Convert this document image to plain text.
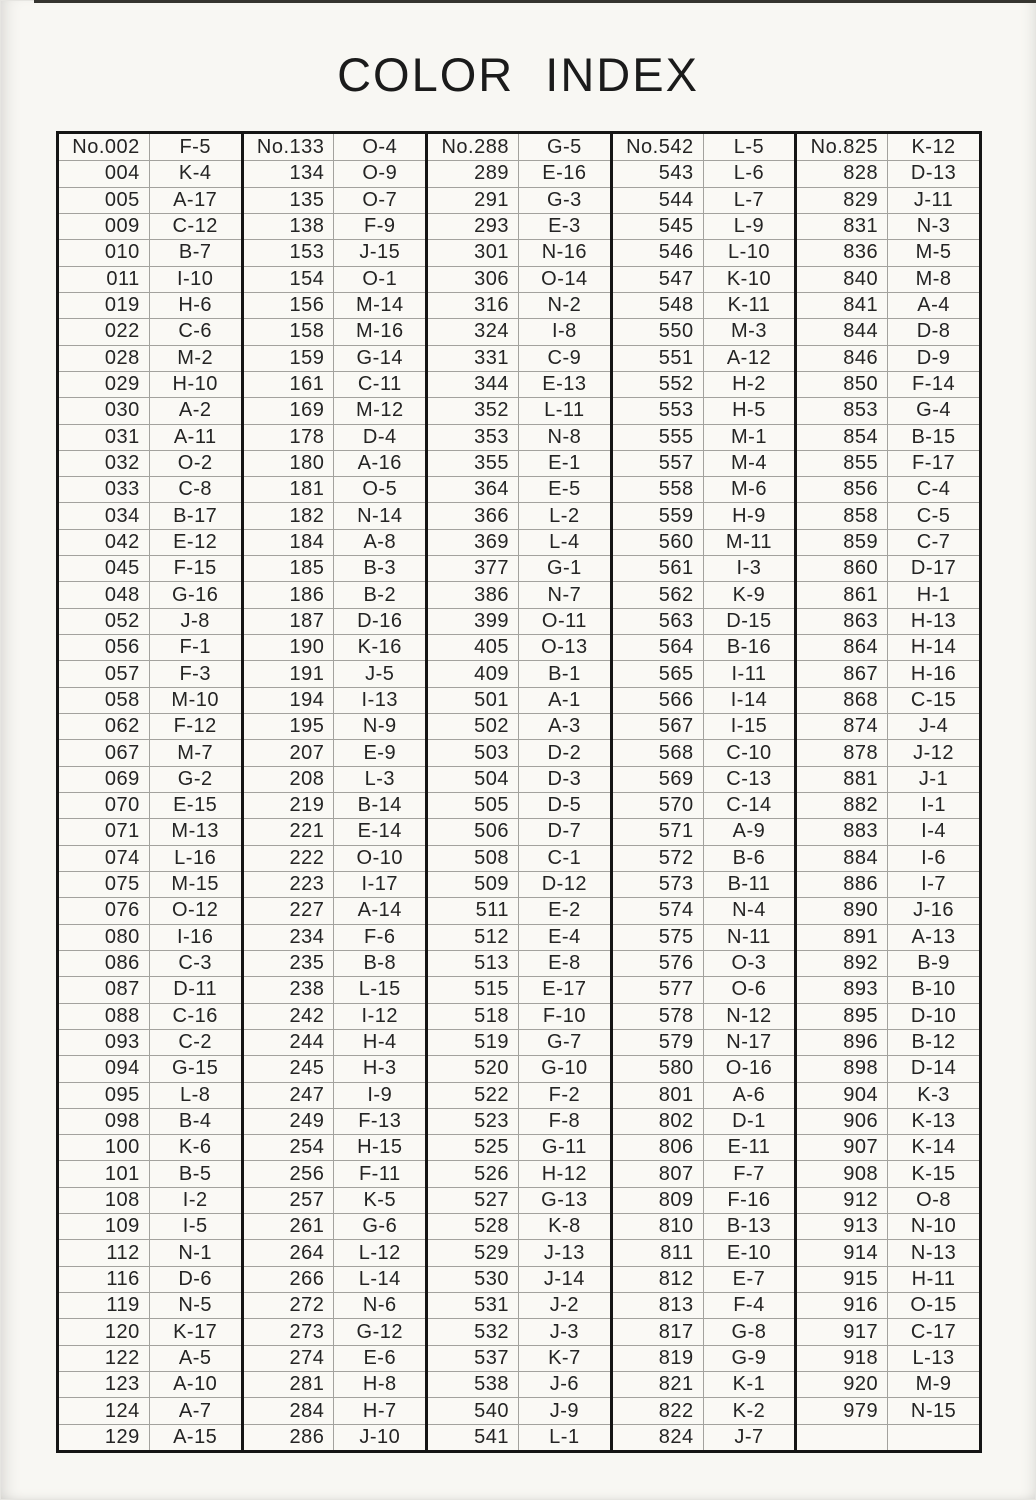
COLOR INDEX
No. 002	F-5
004	K-4
005	A-17
009	C-12
010	B-7
011	I-10
019	H-6
022	C-6
028	M-2
029	H-10
030	A-2
031	A-11
032	O-2
033	C-8
034	B-17
042	E-12
045	F-15
048	G-16
052	J-8
056	F-1
057	F-3
058	M-10
062	F-12
067	M-7
069	G-2
070	E-15
071	M-13
074	L-16
075	M-15
076	O-12
080	I-16
086	C-3
087	D-11
088	C-16
093	C-2
094	G-15
095	L-8
098	B-4
100	K-6
101	B-5
108	I-2
109	I-5
112	N-1
116	D-6
119	N-5
120	K-17
122	A-5
123	A-10
124	A-7
129	A-15
No. 133	O-4
134	O-9
135	O-7
138	F-9
153	J-15
154	O-1
156	M-14
158	M-16
159	G-14
161	C-11
169	M-12
178	D-4
180	A-16
181	O-5
182	N-14
184	A-8
185	B-3
186	B-2
187	D-16
190	K-16
191	J-5
194	I-13
195	N-9
207	E-9
208	L-3
219	B-14
221	E-14
222	O-10
223	I-17
227	A-14
234	F-6
235	B-8
238	L-15
242	I-12
244	H-4
245	H-3
247	I-9
249	F-13
254	H-15
256	F-11
257	K-5
261	G-6
264	L-12
266	L-14
272	N-6
273	G-12
274	E-6
281	H-8
284	H-7
286	J-10
No. 288	G-5
289	E-16
291	G-3
293	E-3
301	N-16
306	O-14
316	N-2
324	I-8
331	C-9
344	E-13
352	L-11
353	N-8
355	E-1
364	E-5
366	L-2
369	L-4
377	G-1
386	N-7
399	O-11
405	O-13
409	B-1
501	A-1
502	A-3
503	D-2
504	D-3
505	D-5
506	D-7
508	C-1
509	D-12
511	E-2
512	E-4
513	E-8
515	E-17
518	F-10
519	G-7
520	G-10
522	F-2
523	F-8
525	G-11
526	H-12
527	G-13
528	K-8
529	J-13
530	J-14
531	J-2
532	J-3
537	K-7
538	J-6
540	J-9
541	L-1
No. 542	L-5
543	L-6
544	L-7
545	L-9
546	L-10
547	K-10
548	K-11
550	M-3
551	A-12
552	H-2
553	H-5
555	M-1
557	M-4
558	M-6
559	H-9
560	M-11
561	I-3
562	K-9
563	D-15
564	B-16
565	I-11
566	I-14
567	I-15
568	C-10
569	C-13
570	C-14
571	A-9
572	B-6
573	B-11
574	N-4
575	N-11
576	O-3
577	O-6
578	N-12
579	N-17
580	O-16
801	A-6
802	D-1
806	E-11
807	F-7
809	F-16
810	B-13
811	E-10
812	E-7
813	F-4
817	G-8
819	G-9
821	K-1
822	K-2
824	J-7
No. 825	K-12
828	D-13
829	J-11
831	N-3
836	M-5
840	M-8
841	A-4
844	D-8
846	D-9
850	F-14
853	G-4
854	B-15
855	F-17
856	C-4
858	C-5
859	C-7
860	D-17
861	H-1
863	H-13
864	H-14
867	H-16
868	C-15
874	J-4
878	J-12
881	J-1
882	I-1
883	I-4
884	I-6
886	I-7
890	J-16
891	A-13
892	B-9
893	B-10
895	D-10
896	B-12
898	D-14
904	K-3
906	K-13
907	K-14
908	K-15
912	O-8
913	N-10
914	N-13
915	H-11
916	O-15
917	C-17
918	L-13
920	M-9
979	N-15
